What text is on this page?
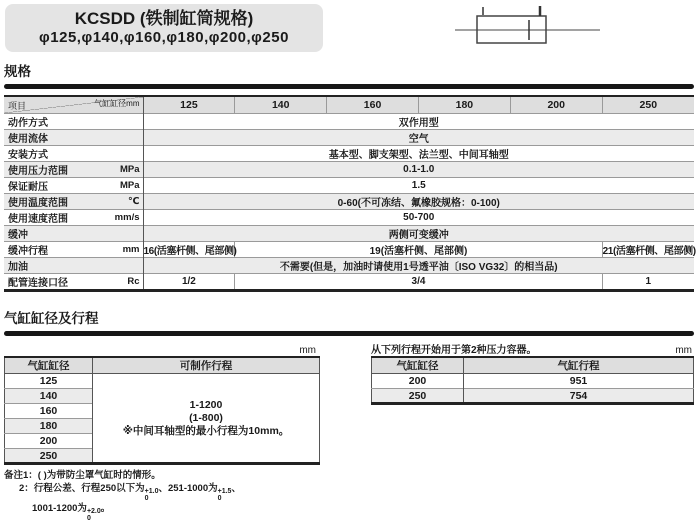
KCSDD (铁制缸筒规格)
φ125,φ140,φ160,φ180,φ200,φ250
规格
气缸缸径mm
项目	125	140	160	180	200	250

动作方式	双作用型					

使用流体	空气					

安装方式	基本型、脚支架型、法兰型、中间耳轴型					

使用压力范围 MPa	0.1-1.0					

保证耐压 MPa	1.5					

使用温度范围 ℃	0-60(不可冻结、氟橡胶规格：0-100)					

使用速度范围 mm/s	50-700					

缓冲	两侧可变缓冲					

缓冲行程 mm	16(活塞杆侧、尾部侧)	19(活塞杆侧、尾部侧)				21(活塞杆侧、尾部侧)

加油	不需要(但是，加油时请使用1号透平油〔ISO VG32〕的相当品)					

配管连接口径 Rc	1/2	3/4				1
气缸缸径及行程
mm
气缸缸径	可制作行程
125	1-1200
(1-800)
※中间耳轴型的最小行程为10mm。

140	
160	
180	
200	
250	
备注1：( )为带防尘罩气缸时的情形。
2：行程公差、行程250以下为 +1.0
0
、251-1000为 +1.5
0
、
1001-1200为 +2.0
0
。
从下列行程开始用于第2种压力容器。	mm
气缸缸径	气缸行程
200	951
250	754
